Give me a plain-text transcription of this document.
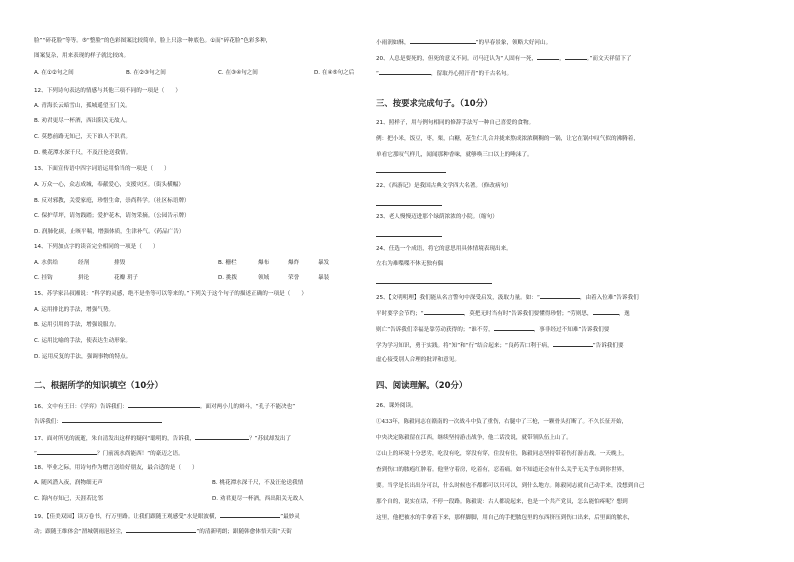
脸”“碎花脸”等等。⑤“整脸”的色彩图案比较简单，脸上只涂一种底色。①而“碎花脸”色彩多种，
图案复杂，用来表现的样子就比较凶。
A. 在①②句之间	B. 在②③句之间	C. 在③④句之间	D. 在④⑤句之后
12、下列诗句表达的情感与其他三项不同的一项是（　　）
A. 青海长云暗雪山，孤城遥望玉门关。
B. 劝君更尽一杯酒，西出阳关无故人。
C. 莫愁前路无知己，天下谁人不识君。
D. 桃花潭水深千尺，不及汪伦送我情。
13、下面宣传语中四字词语运用恰当的一项是（　　）
A. 万众一心，众志成城，奉献爱心，支援灾区。（街头横幅）
B. 反对邪教，关爱家庭，珍惜生命，崇尚科学。（社区标语牌）
C. 保护草坪，请勿践踏；爱护花木，请勿采摘。（公园告示牌）
D. 润肺化痰，止咳平喘，增强体质，生津补气。（药品广告）
14、下列加点字的读音完全相同的一项是（　　）
A. 水供给	经剂	排毁	B. 栅栏	爆布	爆炸	暴发
C. 挂钩	拼论	花瓣 玥子	D. 挑拨	领域	荣誉	暴装
15、苏学家吕叔湘说：“科学的灵感，绝不是坐等可以等来的。”下列关于这个句子的描述正确的一项是（　　）
A. 运用排比的手法，增强气势。
B. 运用引用的手法，增强说服力。
C. 运用比喻的手法，使表达生动形象。
D. 运用反复的手法，强调事物的特点。
二、根据所学的知识填空（10分）
16、文中有王曰：《学弈》告诉我们：	。面对两小儿的辩斗，“孔子不能决也”
告诉我们：
17、面对所见的流逝，朱自清发出这样的疑问“聪明的，告诉我，	？”苏轼却发出了
“	？门前流水尚能西！”的豪迈之语。
18、毕业之际，用诗句作为赠言送给好朋友，最合适的是（　　）
A. 随风潜入夜，润物细无声	B. 桃花潭水深千尺，不及汪伦送我情
C. 海内存知己，天涯若比邻	D. 劝君更尽一杯酒，西出阳关无故人
19、【佳美双园】读万卷书，行万里路。让我们跟随王观感受“水是眼波横，	”最妙灵
动；跟随王维体会“渭城朝雨浥轻尘，	”的清新明朗；跟随韩愈体悟天街“天街
小雨润如酥，	”的早春景象，领略大好河山。
20、人总是要死的，但死的意义不同。司马迁认为“人固有一死，	，	。”而文天祥留下了
“	，留取丹心照汗青”的千古名句。
三、按要求完成句子。（10分）
21、照样子，用与例句相同的修辞手法写一种自己喜爱的食物。
例：把小米，饭豆，枣，栗，白糖，花生仁儿合并拢来熬成浓浓稠稠的一锅，让它在锅中叹气似的沸腾着，
单看它那叹气样儿，闻闻那种香味，就够唤三口以上的唾沫了。
22、《西游记》是我国古典文学四大名著。（修改病句）
23、老人慢慢迈进那个绿荫浓浓的小院。（缩句）
24、任选一个成语，将它的意思用具体情境表现出来。
左右为难喋喋不休无独有偶
25、【文明明理】我们能从名言警句中深受启发，汲取力量。如：“	，由着入位难”告诉我们
平时要学会节约；“	，莫把无时当有时”告诉我们要懂得珍惜；“劳则思，	，逸
则亡”告诉我们幸福是靠劳动获得的；“谁不劳，	，事非经过不知难”告诉我们要
学为学习知识，勇于实践。将“知”和“行”结合起来；“良药苦口利于病，	”告诉我们要
虚心接受别人合理的批评和意见。
四、阅读理解。（20分）
26、课外阅读。
①433年，陈毅同志在赣南的一次战斗中负了重伤，右腿中了三枪，一颗骨头打断了。不久长征开始，
中央决定陈毅留在江西，继续坚持游击战争，他二话没说，就带领队伍上山了。
②山上的环境十分恶劣，吃没有吃，穿没有穿，住没有住，陈毅同志坚持带着伤打游击战。一天晚上，
查到伤口的脓疱红肿着。他坚守着房，吃着有，忍着痛。如不知道还会有什么关乎无关乎东到你世界，
要。当学是长出出分可以，什么时候也不都都可以只可以，到什么地方。陈毅同志就自己动手来，没想到自己
那个自的，说实在话，不停一段路。陈毅说：古人都说起来，也是一个共产党员，怎么能怕疼呢？想到
这里，他把被水的手拿着下来，那样脚脚，用自己的手把脓包里的东西挤压到伤口出来，后里面的脓水，
